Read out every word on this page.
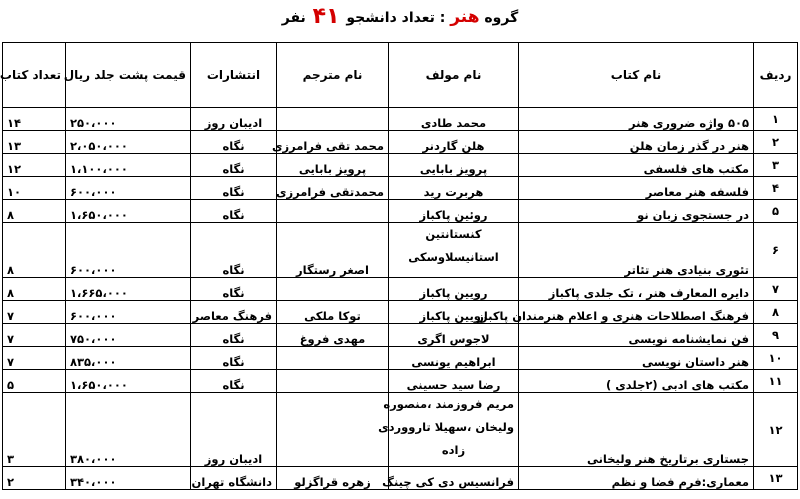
گروه هنر : تعداد دانشجو ۴۱ نفر
ردیف	نام کتاب	نام مولف	نام مترجم	انتشارات	قیمت پشت جلد ریال	تعداد کتاب
۱	۵۰۵ واژه ضروری هنر	محمد طادی		ادیبان روز	۲۵۰،۰۰۰	۱۴
۲	هنر در گذر زمان هلن	هلن گاردنر	محمد تقی فرامرزی	نگاه	۲،۰۵۰،۰۰۰	۱۳
۳	مکتب های فلسفی	پرویز بابایی	پرویز بابایی	نگاه	۱،۱۰۰،۰۰۰	۱۲
۴	فلسفه هنر معاصر	هربرت رید	محمدتقی فرامرزی	نگاه	۶۰۰،۰۰۰	۱۰
۵	در جستجوی زبان نو	روئین پاکباز		نگاه	۱،۶۵۰،۰۰۰	۸
۶	تئوری بنیادی هنر تئاتر	کنستانتین
استانیسلاوسکی	اصغر رستگار	نگاه	۶۰۰،۰۰۰	۸
۷	دایره المعارف هنر ، تک جلدی پاکباز	رویین پاکباز		نگاه	۱،۶۶۵،۰۰۰	۸
۸	فرهنگ اصطلاحات هنری و اعلام هنرمندان پاکباز	رویین پاکباز	توکا ملکی	فرهنگ معاصر	۶۰۰،۰۰۰	۷
۹	فن نمایشنامه نویسی	لاجوس اگری	مهدی فروغ	نگاه	۷۵۰،۰۰۰	۷
۱۰	هنر داستان نویسی	ابراهیم یونسی		نگاه	۸۳۵،۰۰۰	۷
۱۱	مکتب های ادبی (۲جلدی )	رضا سید حسینی		نگاه	۱،۶۵۰،۰۰۰	۵
۱۲	جستاری برتاریخ هنر ولیخانی	مریم فروزمند ،منصوره
ولیخان ،سهیلا تارووردی
زاده		ادیبان روز	۳۸۰،۰۰۰	۳
۱۳	معماری:فرم فضا و نظم	فرانسیس دی کی چینگ	زهره قراگزلو	دانشگاه تهران	۳۴۰،۰۰۰	۲
